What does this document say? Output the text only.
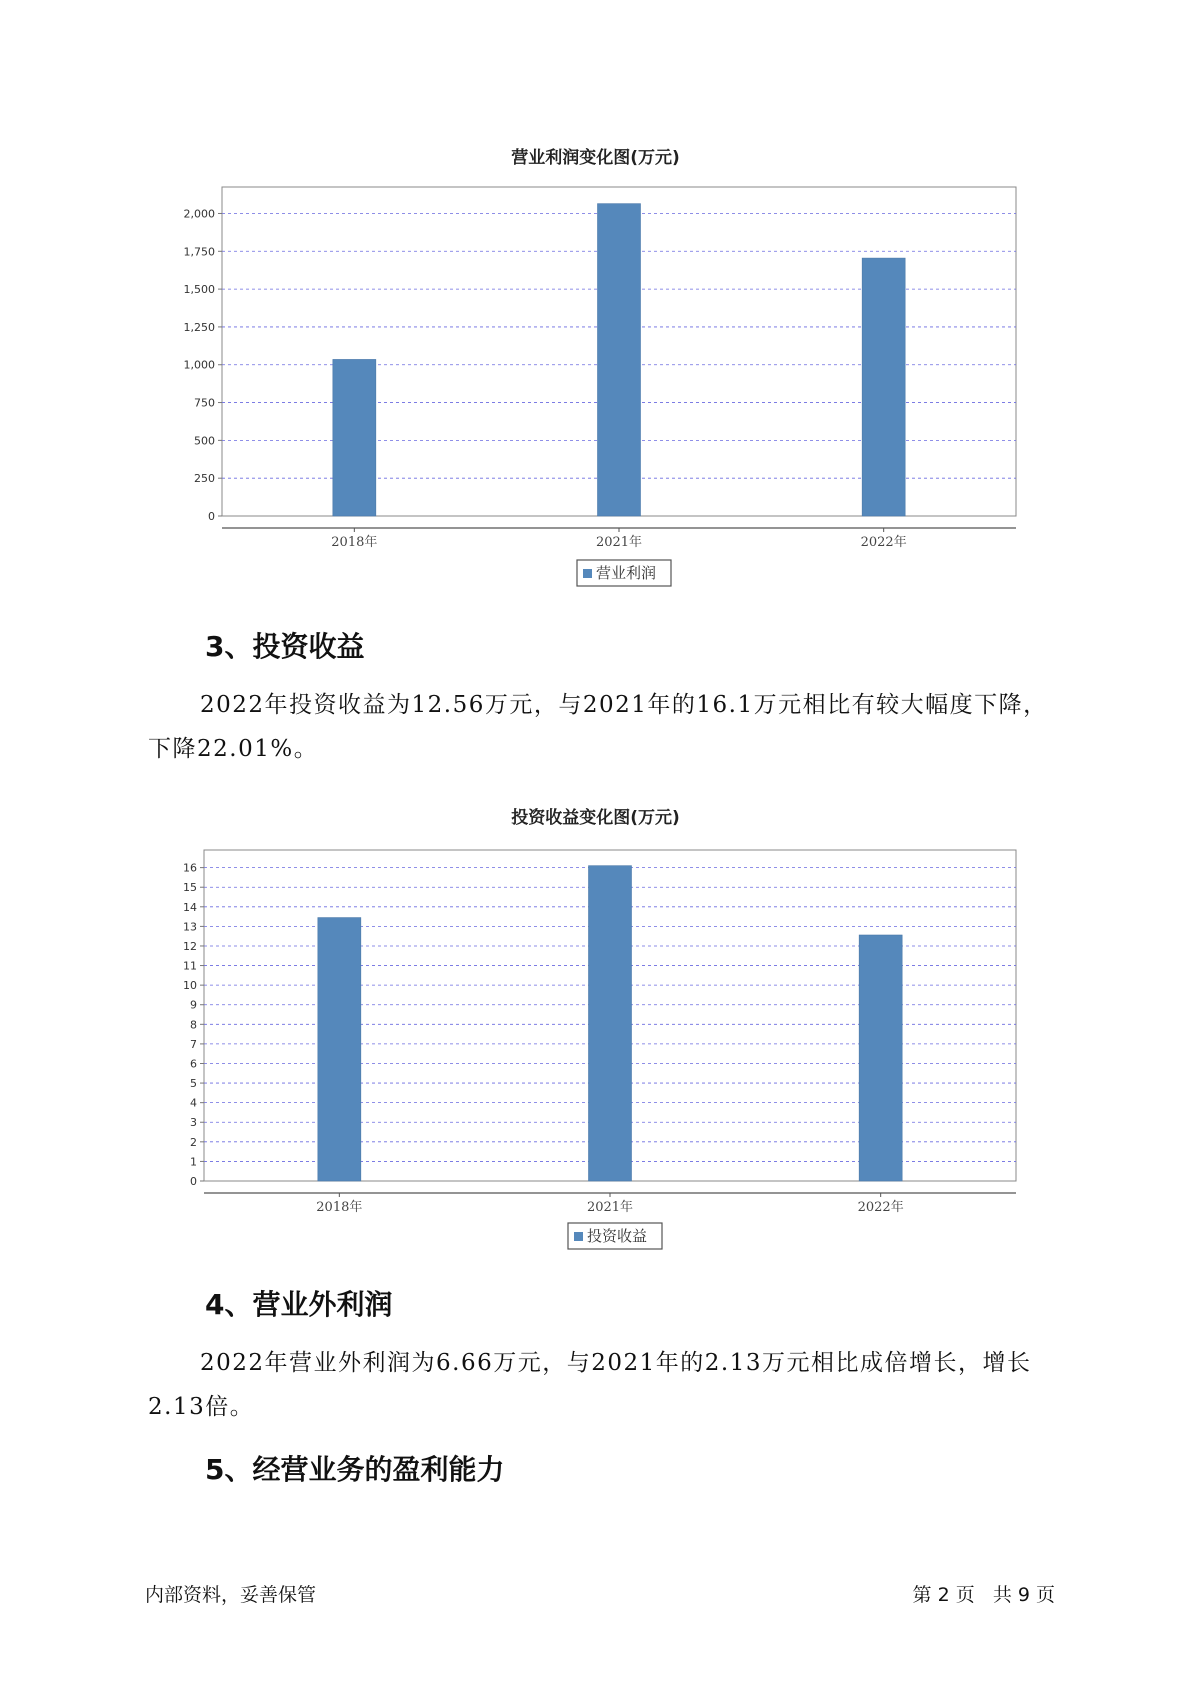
营业利润变化图(万元)
0
250
500
750
1,000
1,250
1,500
1,750
2,000
2018年	2021年	2022年
营业利润
3、投资收益

2022年投资收益为12.56万元，与2021年的16.1万元相比有较大幅度下降，下降22.01%。

投资收益变化图(万元)
0
1
2
3
4
5
6
7
8
9
10
11
12
13
14
15
16
2018年	2021年	2022年
投资收益
4、营业外利润

2022年营业外利润为6.66万元，与2021年的2.13万元相比成倍增长，增长2.13倍。

5、经营业务的盈利能力
内部资料，妥善保管	第 2 页   共 9 页
